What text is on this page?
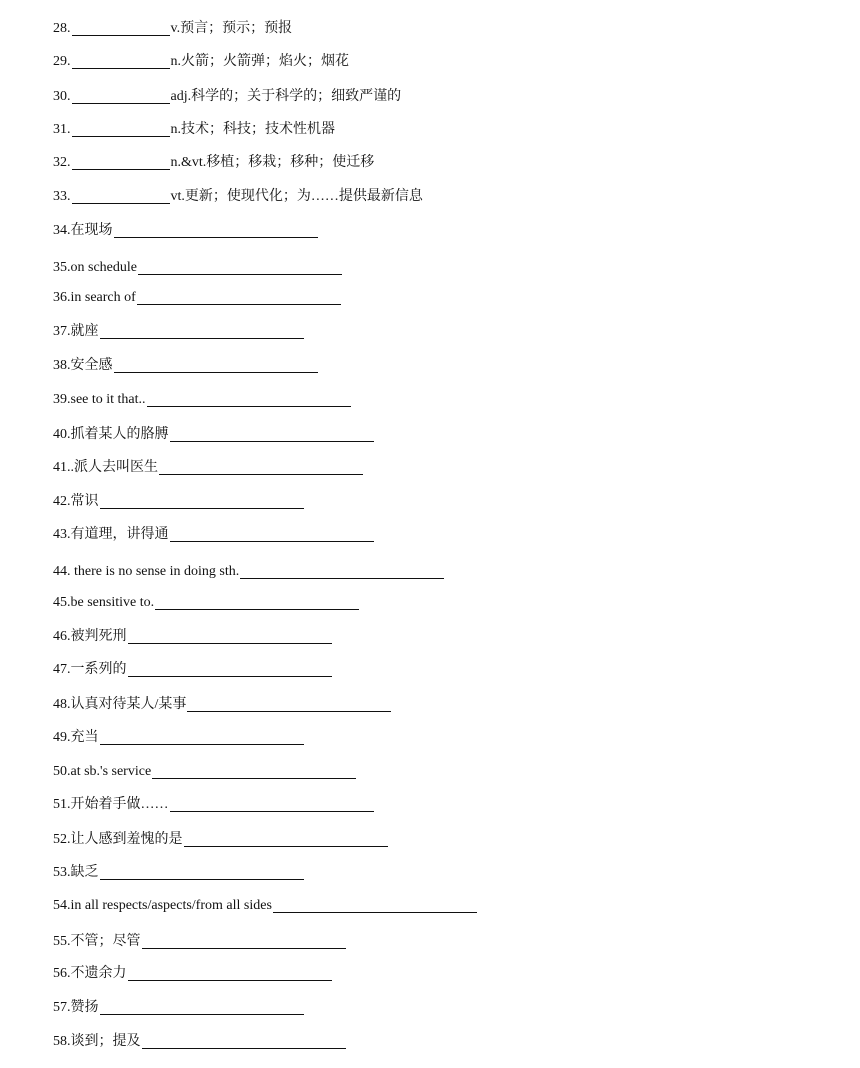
28.	v.预言；预示；预报
29.	n.火箭；火箭弹；焰火；烟花
30.	adj.科学的；关于科学的；细致严谨的
31.	n.技术；科技；技术性机器
32.	n.&vt.移植；移栽；移种；使迁移
33.	vt.更新；使现代化；为……提供最新信息
34. 在现场
35. on schedule
36. in search of
37. 就座
38. 安全感
39. see to it that..
40. 抓着某人的胳膊
41. .派人去叫医生
42. 常识
43. 有道理，讲得通
44. there is no sense in doing sth.
45. be sensitive to.
46. 被判死刑
47. 一系列的
48. 认真对待某人/某事
49. 充当
50. at sb.'s service
51. 开始着手做……
52. 让人感到羞愧的是
53. 缺乏
54. in all respects/aspects/from all sides
55. 不管；尽管
56. 不遗余力
57. 赞扬
58. 谈到；提及
